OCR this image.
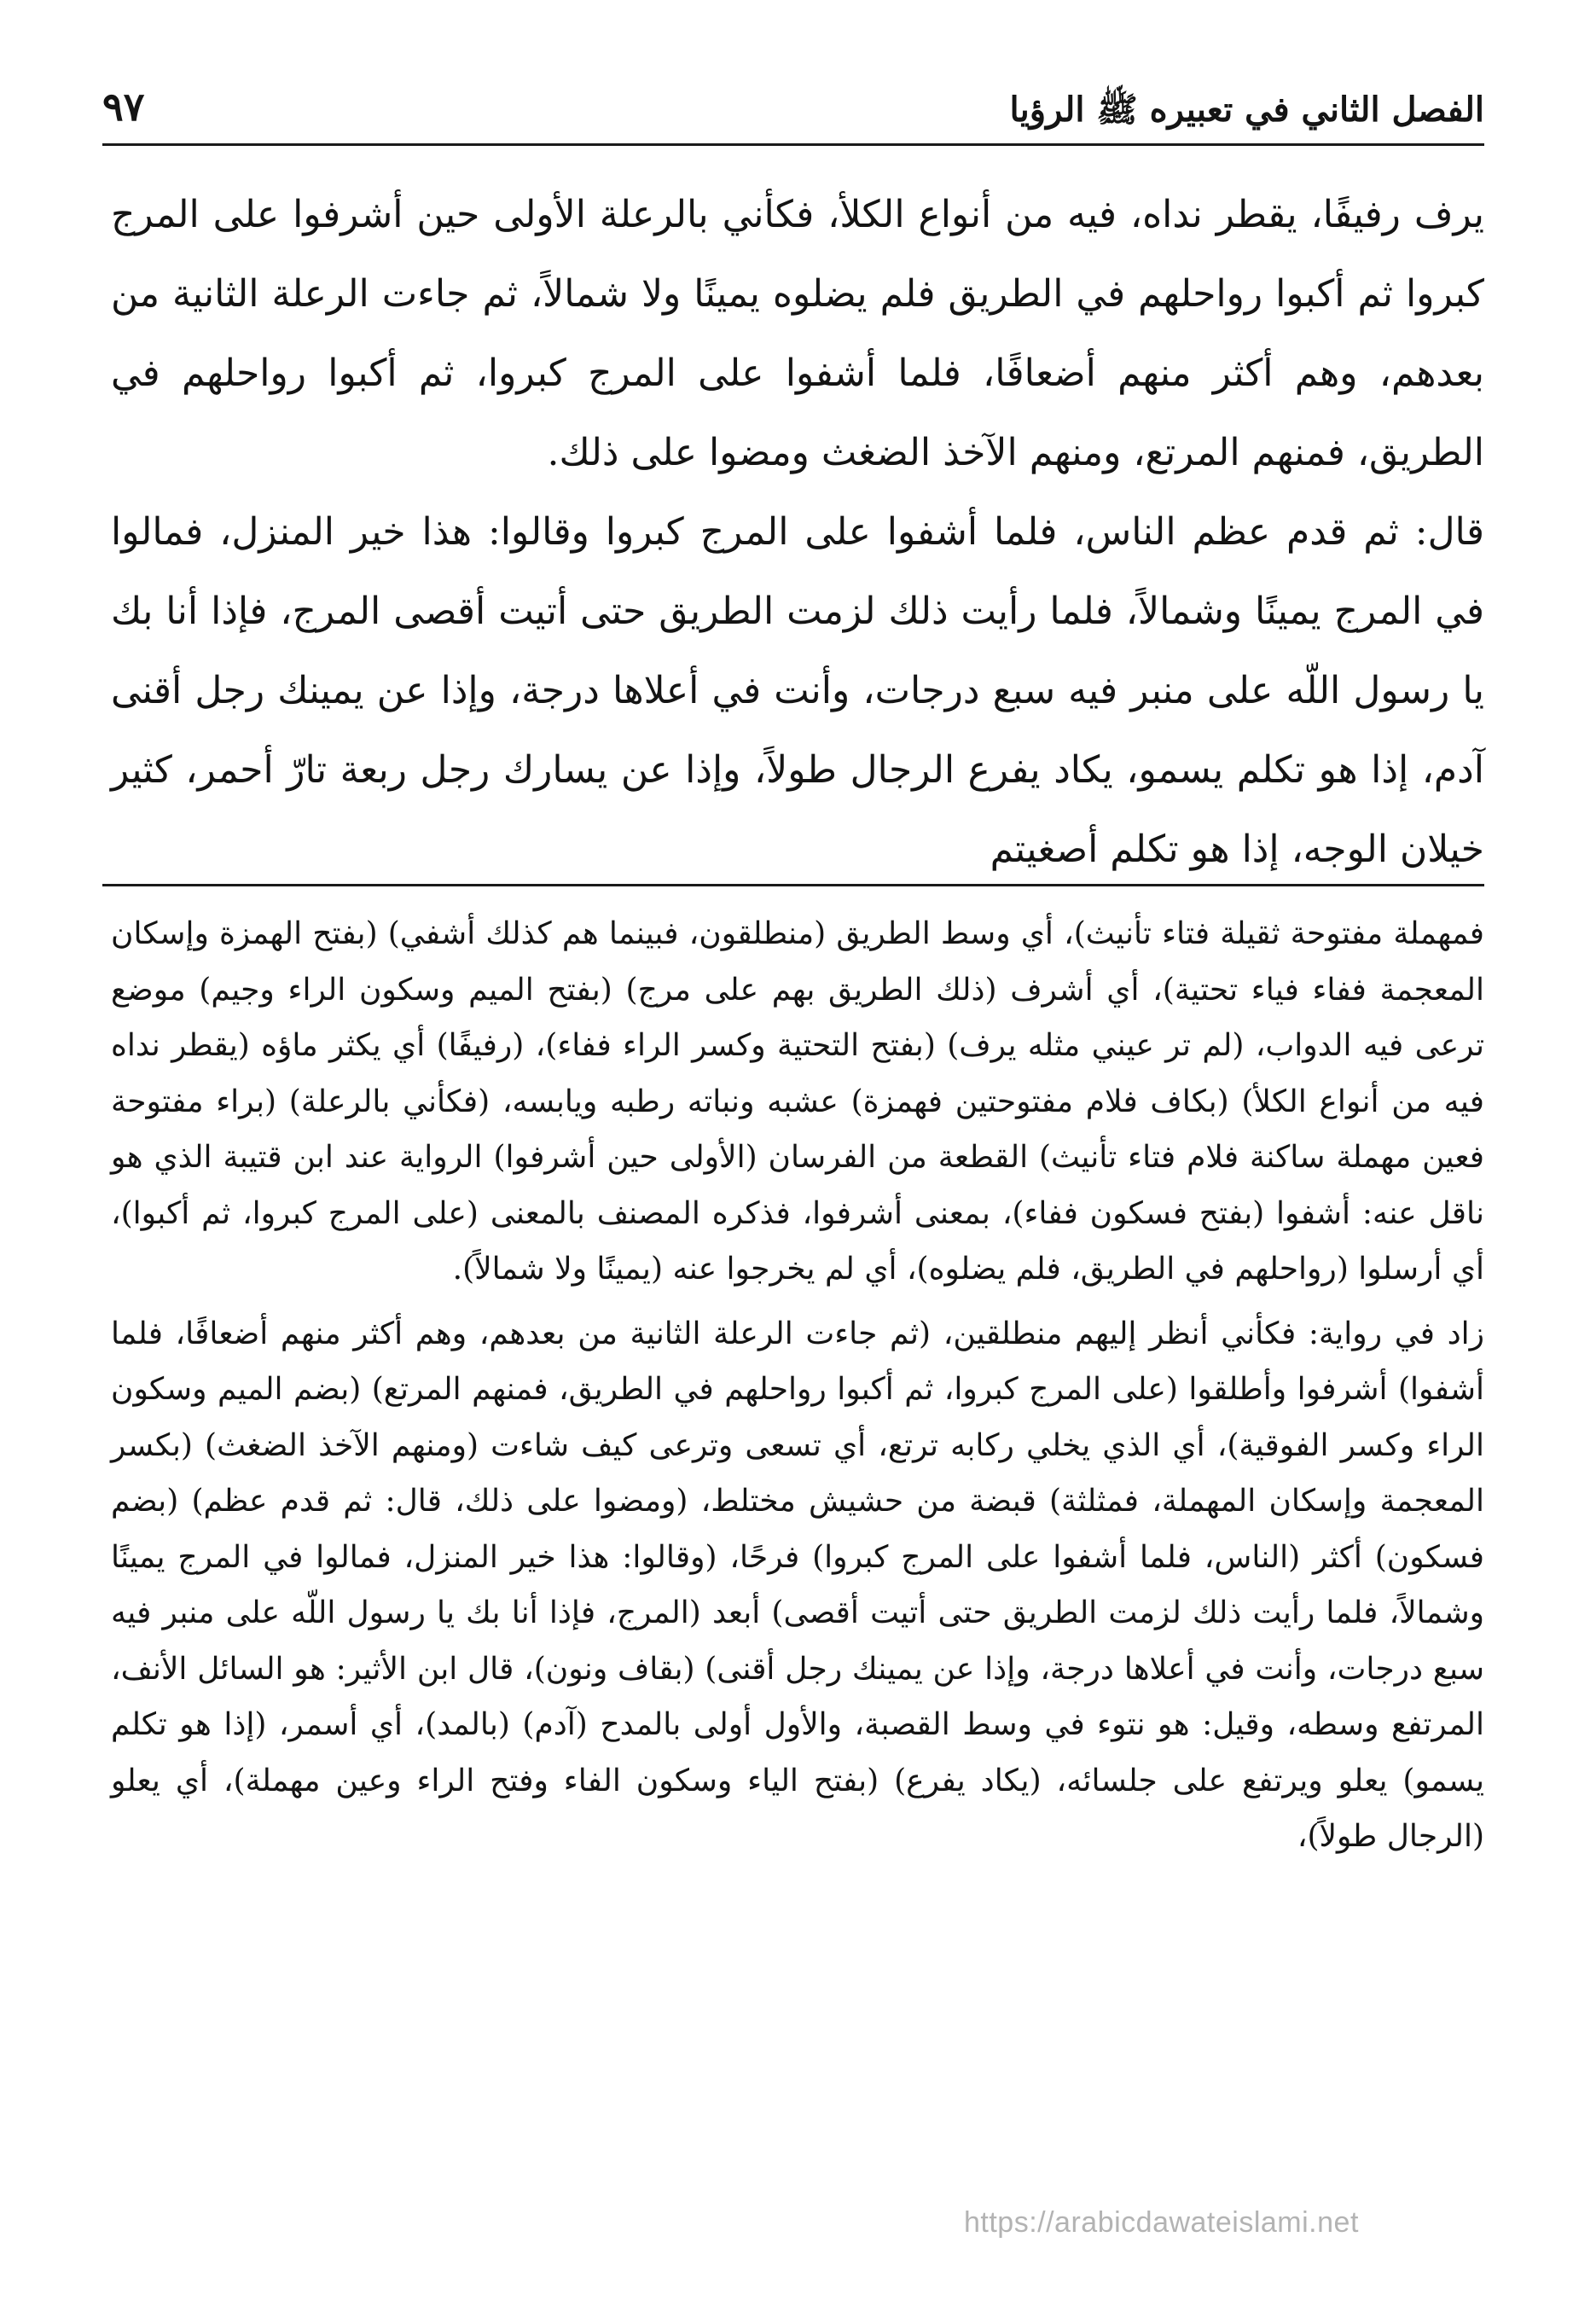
الفصل الثاني في تعبيره ﷺ الرؤيا
٩٧

يرف رفيفًا، يقطر نداه، فيه من أنواع الكلأ، فكأني بالرعلة الأولى حين أشرفوا على المرج كبروا ثم أكبوا رواحلهم في الطريق فلم يضلوه يمينًا ولا شمالاً، ثم جاءت الرعلة الثانية من بعدهم، وهم أكثر منهم أضعافًا، فلما أشفوا على المرج كبروا، ثم أكبوا رواحلهم في الطريق، فمنهم المرتع، ومنهم الآخذ الضغث ومضوا على ذلك.

قال: ثم قدم عظم الناس، فلما أشفوا على المرج كبروا وقالوا: هذا خير المنزل، فمالوا في المرج يمينًا وشمالاً، فلما رأيت ذلك لزمت الطريق حتى أتيت أقصى المرج، فإذا أنا بك يا رسول اللّه على منبر فيه سبع درجات، وأنت في أعلاها درجة، وإذا عن يمينك رجل أقنى آدم، إذا هو تكلم يسمو، يكاد يفرع الرجال طولاً، وإذا عن يسارك رجل ربعة تارّ أحمر، كثير خيلان الوجه، إذا هو تكلم أصغيتم

فمهملة مفتوحة ثقيلة فتاء تأنيث)، أي وسط الطريق (منطلقون، فبينما هم كذلك أشفي) (بفتح الهمزة وإسكان المعجمة ففاء فياء تحتية)، أي أشرف (ذلك الطريق بهم على مرج) (بفتح الميم وسكون الراء وجيم) موضع ترعى فيه الدواب، (لم تر عيني مثله يرف) (بفتح التحتية وكسر الراء ففاء)، (رفيفًا) أي يكثر ماؤه (يقطر نداه فيه من أنواع الكلأ) (بكاف فلام مفتوحتين فهمزة) عشبه ونباته رطبه ويابسه، (فكأني بالرعلة) (براء مفتوحة فعين مهملة ساكنة فلام فتاء تأنيث) القطعة من الفرسان (الأولى حين أشرفوا) الرواية عند ابن قتيبة الذي هو ناقل عنه: أشفوا (بفتح فسكون ففاء)، بمعنى أشرفوا، فذكره المصنف بالمعنى (على المرج كبروا، ثم أكبوا)، أي أرسلوا (رواحلهم في الطريق، فلم يضلوه)، أي لم يخرجوا عنه (يمينًا ولا شمالاً).

زاد في رواية: فكأني أنظر إليهم منطلقين، (ثم جاءت الرعلة الثانية من بعدهم، وهم أكثر منهم أضعافًا، فلما أشفوا) أشرفوا وأطلقوا (على المرج كبروا، ثم أكبوا رواحلهم في الطريق، فمنهم المرتع) (بضم الميم وسكون الراء وكسر الفوقية)، أي الذي يخلي ركابه ترتع، أي تسعى وترعى كيف شاءت (ومنهم الآخذ الضغث) (بكسر المعجمة وإسكان المهملة، فمثلثة) قبضة من حشيش مختلط، (ومضوا على ذلك، قال: ثم قدم عظم) (بضم فسكون) أكثر (الناس، فلما أشفوا على المرج كبروا) فرحًا، (وقالوا: هذا خير المنزل، فمالوا في المرج يمينًا وشمالاً، فلما رأيت ذلك لزمت الطريق حتى أتيت أقصى) أبعد (المرج، فإذا أنا بك يا رسول اللّه على منبر فيه سبع درجات، وأنت في أعلاها درجة، وإذا عن يمينك رجل أقنى) (بقاف ونون)، قال ابن الأثير: هو السائل الأنف، المرتفع وسطه، وقيل: هو نتوء في وسط القصبة، والأول أولى بالمدح (آدم) (بالمد)، أي أسمر، (إذا هو تكلم يسمو) يعلو ويرتفع على جلسائه، (يكاد يفرع) (بفتح الياء وسكون الفاء وفتح الراء وعين مهملة)، أي يعلو (الرجال طولاً)،

https://arabicdawateislami.net
